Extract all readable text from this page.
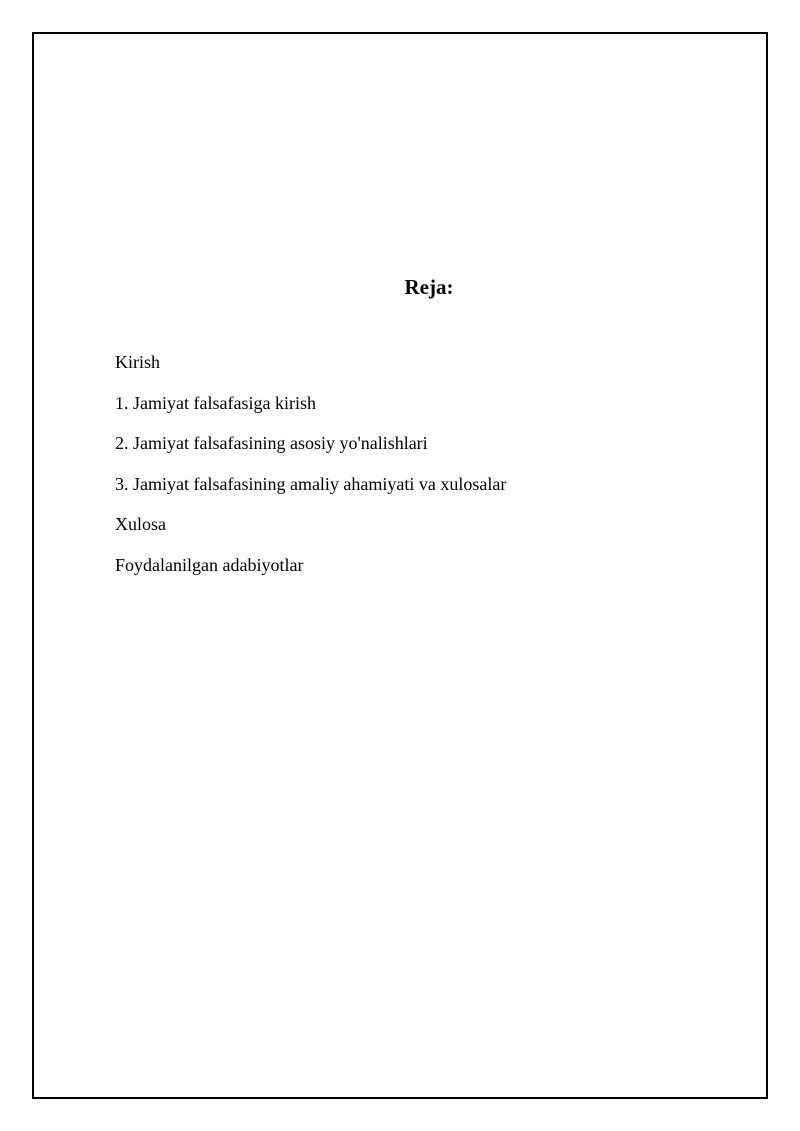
Reja:
Kirish
1. Jamiyat falsafasiga kirish
2. Jamiyat falsafasining asosiy yo'nalishlari
3. Jamiyat falsafasining amaliy ahamiyati va xulosalar
Xulosa
Foydalanilgan adabiyotlar
